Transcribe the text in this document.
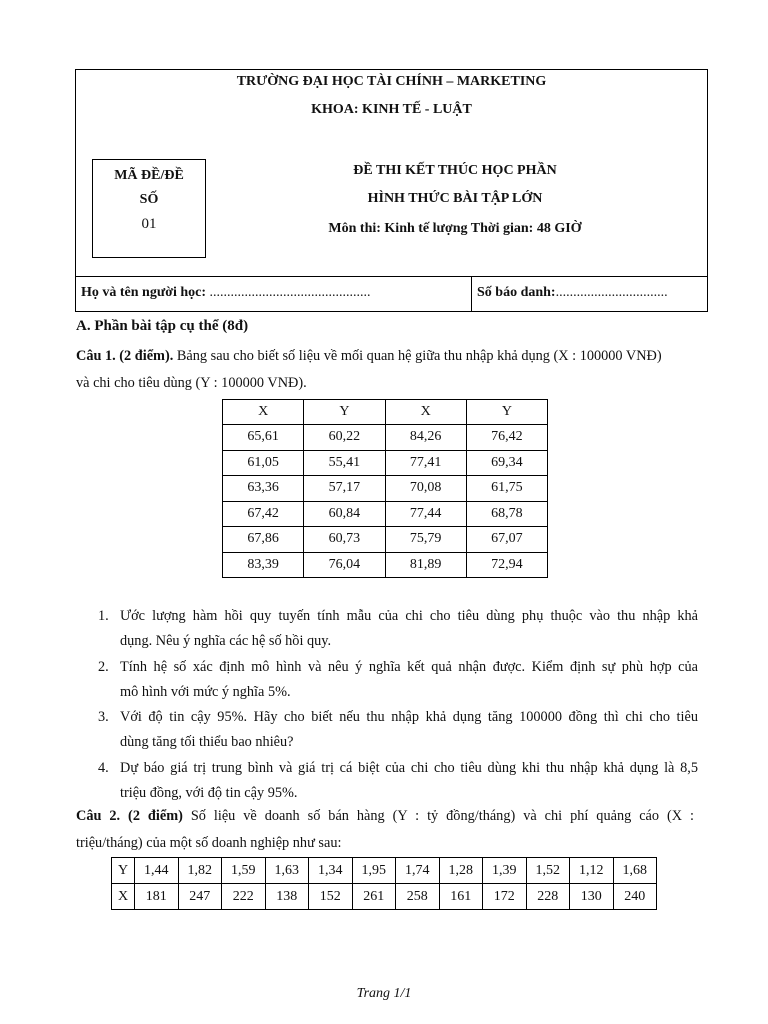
TRƯỜNG ĐẠI HỌC TÀI CHÍNH – MARKETING
KHOA: KINH TẾ - LUẬT
MÃ ĐỀ/ĐỀ
SỐ
01
ĐỀ THI KẾT THÚC HỌC PHẦN
HÌNH THỨC BÀI TẬP LỚN
Môn thi: Kinh tế lượng Thời gian: 48 GIỜ
Họ và tên người học: ..............................................	Số báo danh:................................
A. Phần bài tập cụ thể (8đ)
Câu 1. (2 điểm). Bảng sau cho biết số liệu về mối quan hệ giữa thu nhập khả dụng (X : 100000 VNĐ)
và chi cho tiêu dùng (Y : 100000 VNĐ).
X	Y	X	Y
65,61	60,22	84,26	76,42
61,05	55,41	77,41	69,34
63,36	57,17	70,08	61,75
67,42	60,84	77,44	68,78
67,86	60,73	75,79	67,07
83,39	76,04	81,89	72,94
1. Ước lượng hàm hồi quy tuyến tính mẫu của chi cho tiêu dùng phụ thuộc vào thu nhập khả
dụng. Nêu ý nghĩa các hệ số hồi quy.
2. Tính hệ số xác định mô hình và nêu ý nghĩa kết quả nhận được. Kiểm định sự phù hợp của
mô hình với mức ý nghĩa 5%.
3. Với độ tin cậy 95%. Hãy cho biết nếu thu nhập khả dụng tăng 100000 đồng thì chi cho tiêu
dùng tăng tối thiểu bao nhiêu?
4. Dự báo giá trị trung bình và giá trị cá biệt của chi cho tiêu dùng khi thu nhập khả dụng là 8,5
triệu đồng, với độ tin cậy 95%.
Câu 2. (2 điểm) Số liệu về doanh số bán hàng (Y : tỷ đồng/tháng) và chi phí quảng cáo (X :
triệu/tháng) của một số doanh nghiệp như sau:
Y	1,44	1,82	1,59	1,63	1,34	1,95	1,74	1,28	1,39	1,52	1,12	1,68
X	181	247	222	138	152	261	258	161	172	228	130	240
Trang 1/1
